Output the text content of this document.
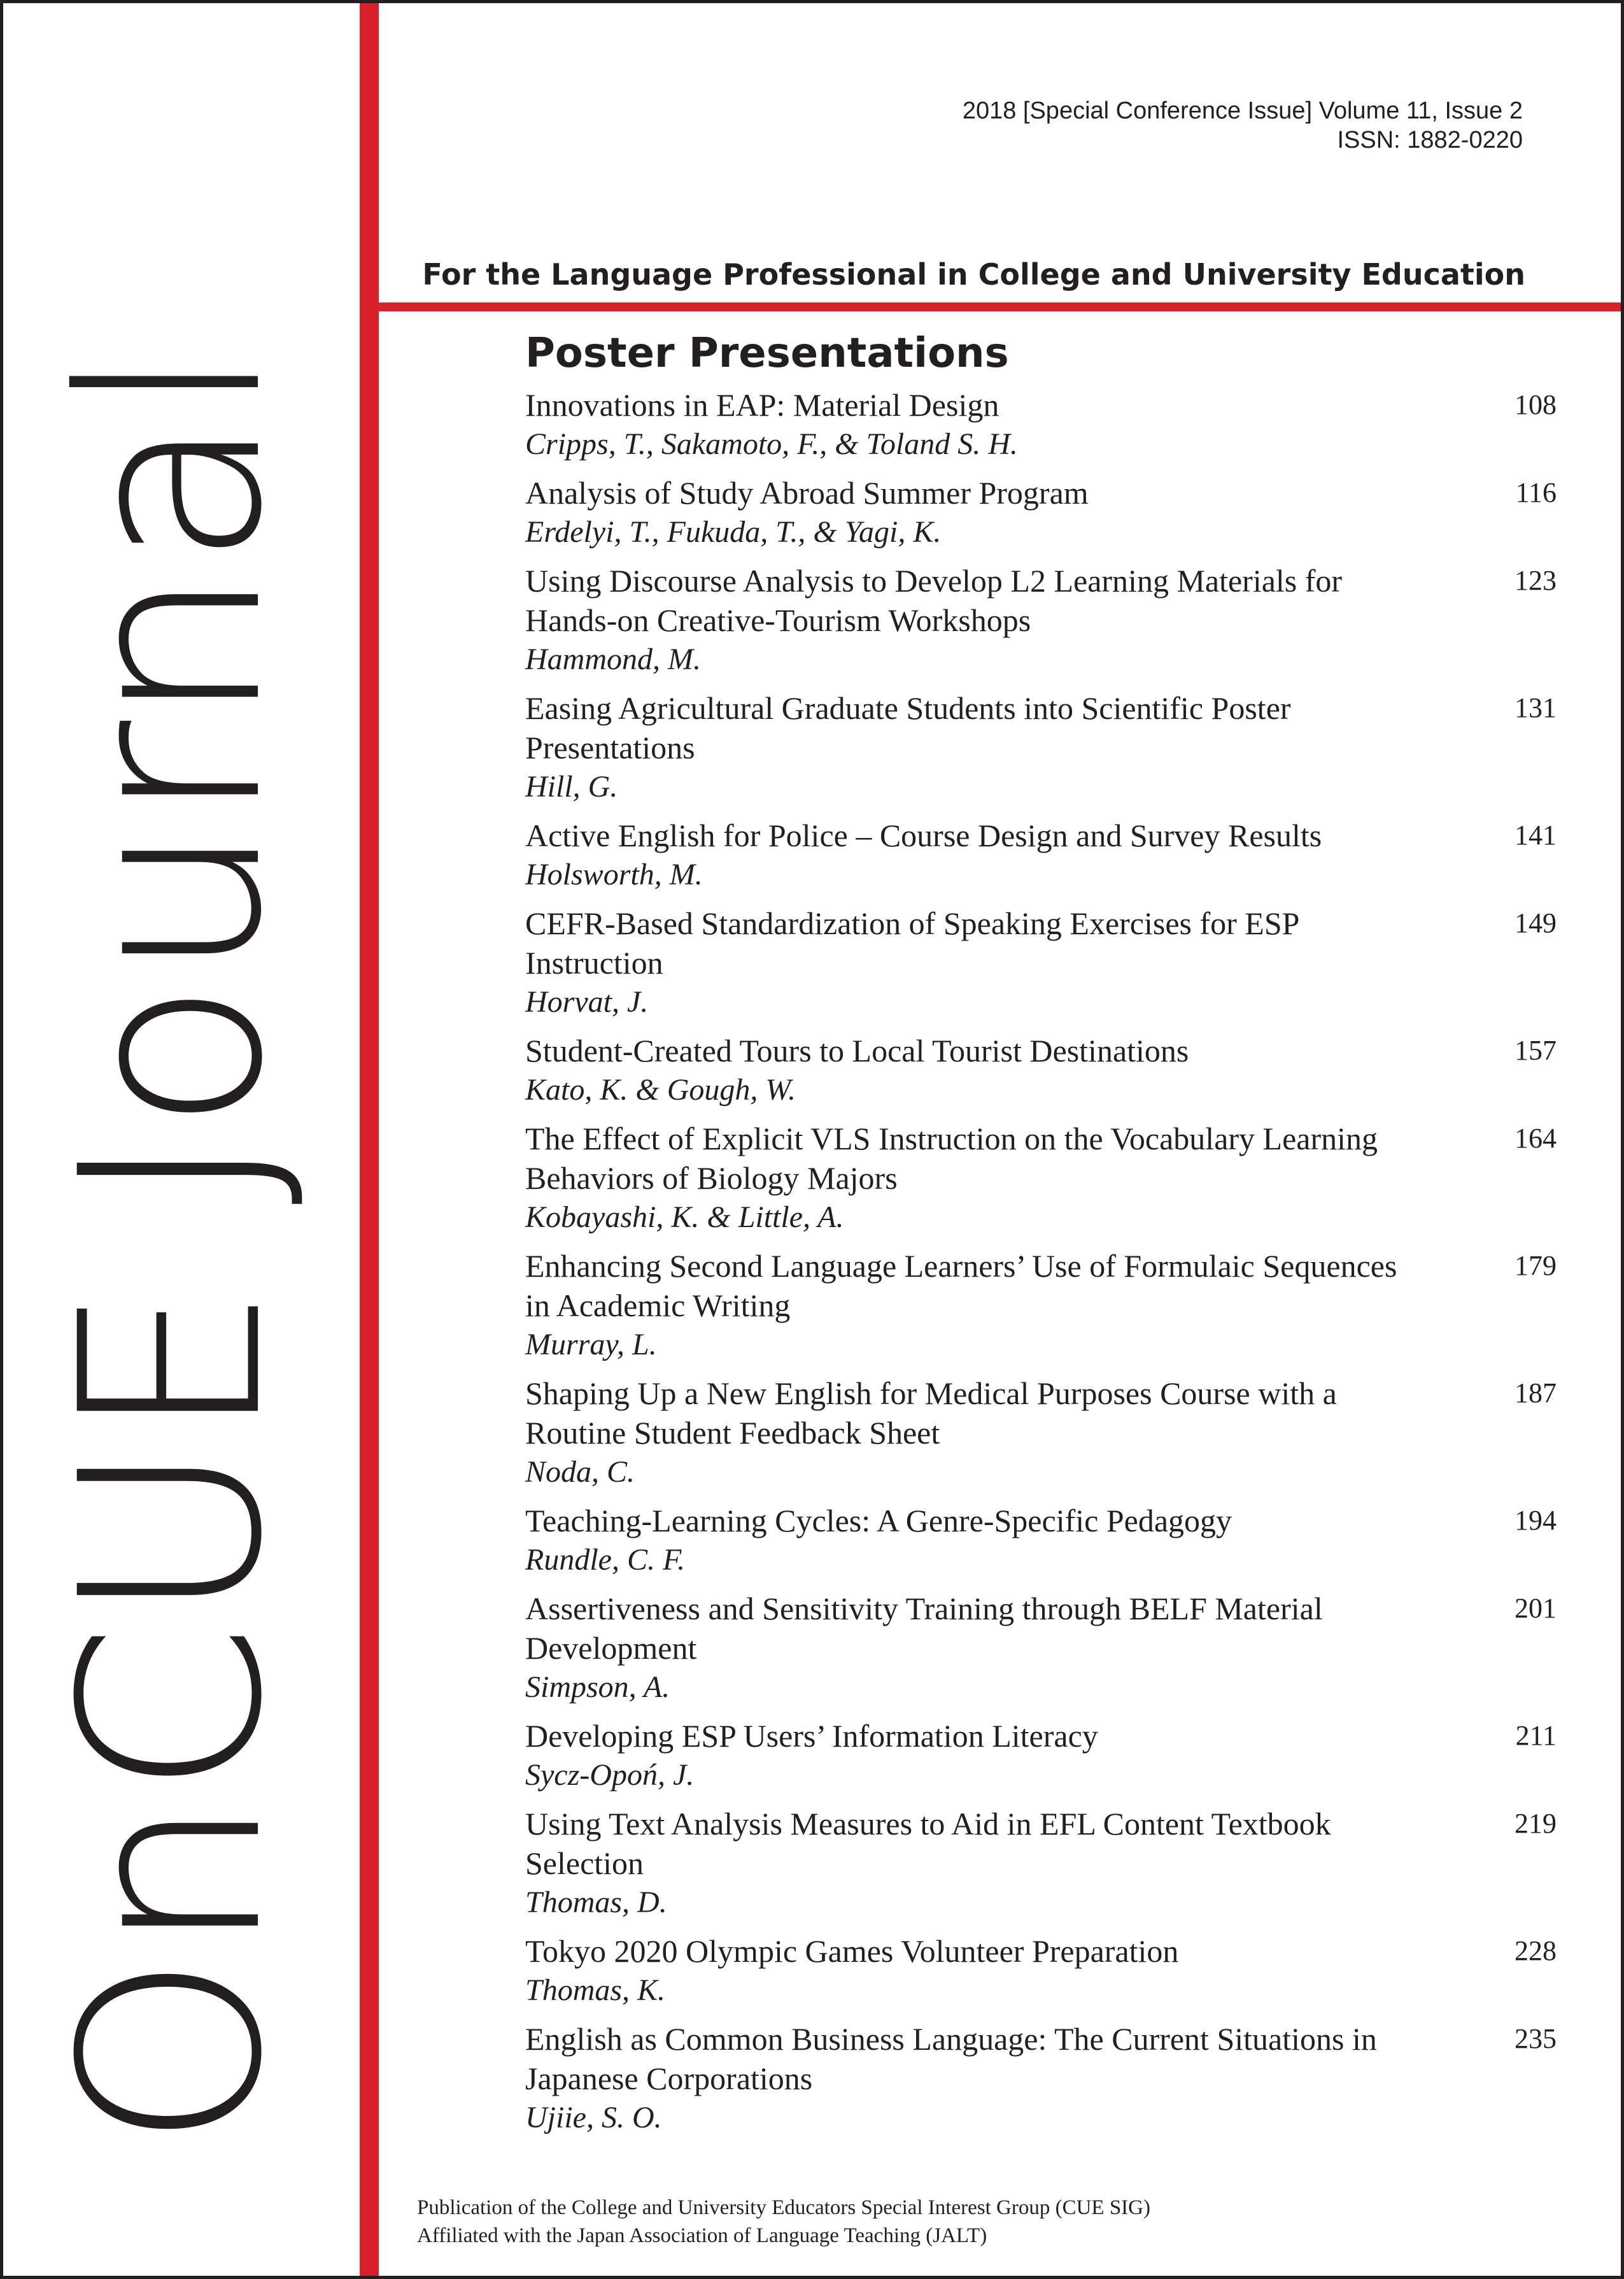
OnCUE Journal
2018 [Special Conference Issue] Volume 11, Issue 2
ISSN: 1882-0220
For the Language Professional in College and University Education
Poster Presentations
Innovations in EAP: Material Design
Cripps, T., Sakamoto, F., & Toland S. H.
108
Analysis of Study Abroad Summer Program
Erdelyi, T., Fukuda, T., & Yagi, K.
116
Using Discourse Analysis to Develop L2 Learning Materials for Hands-on Creative-Tourism Workshops
Hammond, M.
123
Easing Agricultural Graduate Students into Scientific Poster Presentations
Hill, G.
131
Active English for Police – Course Design and Survey Results
Holsworth, M.
141
CEFR-Based Standardization of Speaking Exercises for ESP Instruction
Horvat, J.
149
Student-Created Tours to Local Tourist Destinations
Kato, K. & Gough, W.
157
The Effect of Explicit VLS Instruction on the Vocabulary Learning Behaviors of Biology Majors
Kobayashi, K. & Little, A.
164
Enhancing Second Language Learners’ Use of Formulaic Sequences in Academic Writing
Murray, L.
179
Shaping Up a New English for Medical Purposes Course with a Routine Student Feedback Sheet
Noda, C.
187
Teaching-Learning Cycles: A Genre-Specific Pedagogy
Rundle, C. F.
194
Assertiveness and Sensitivity Training through BELF Material Development
Simpson, A.
201
Developing ESP Users’ Information Literacy
Sycz-Opoń, J.
211
Using Text Analysis Measures to Aid in EFL Content Textbook Selection
Thomas, D.
219
Tokyo 2020 Olympic Games Volunteer Preparation
Thomas, K.
228
English as Common Business Language: The Current Situations in Japanese Corporations
Ujiie, S. O.
235
Publication of the College and University Educators Special Interest Group (CUE SIG)
Affiliated with the Japan Association of Language Teaching (JALT)
